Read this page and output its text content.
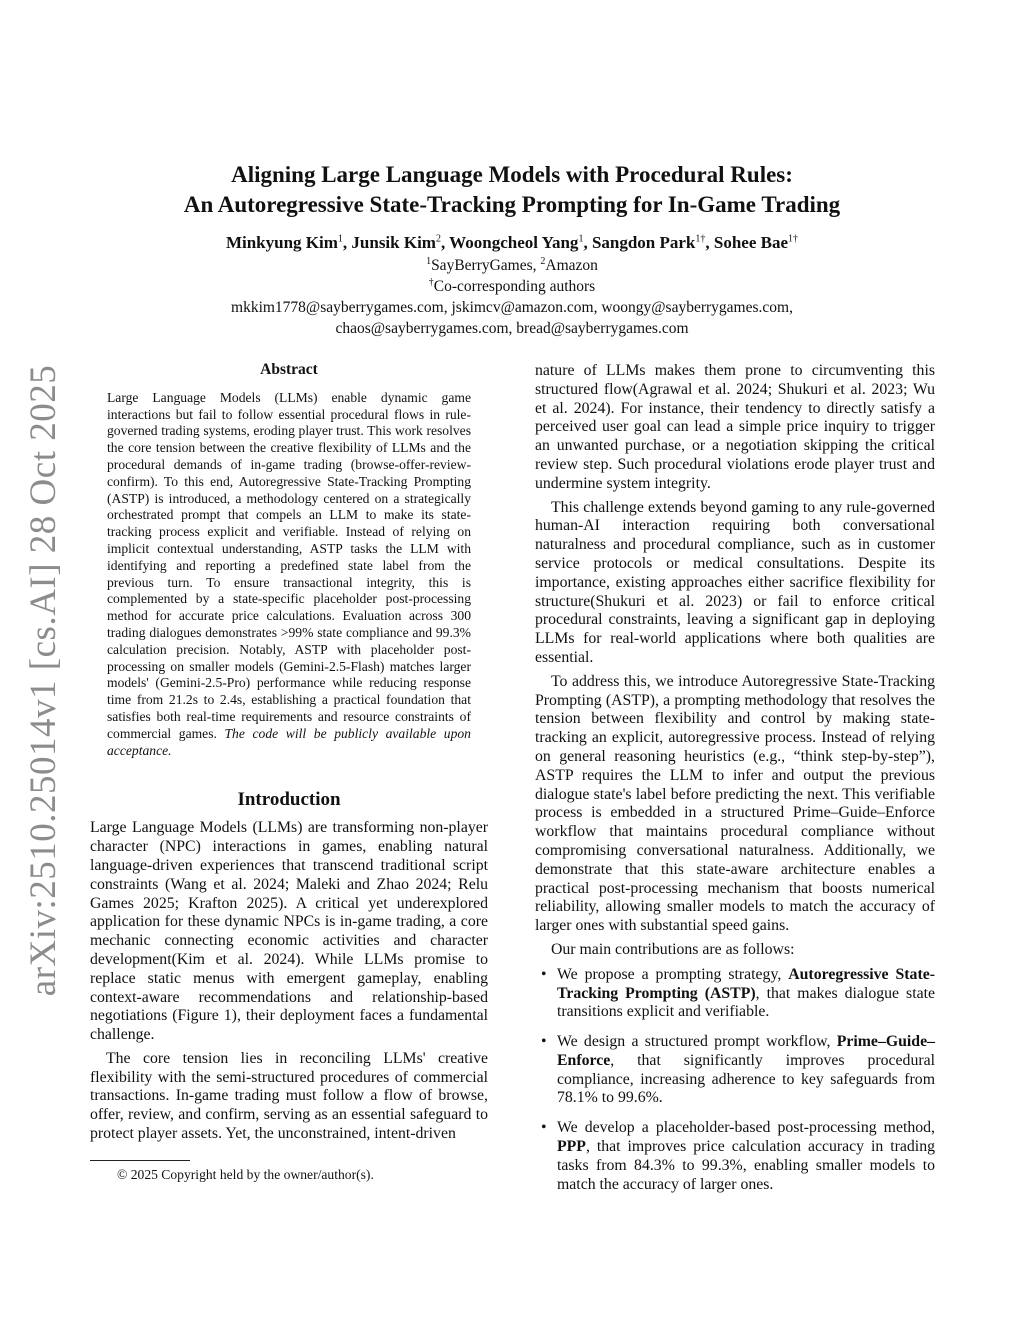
arXiv:2510.25014v1 [cs.AI] 28 Oct 2025
Aligning Large Language Models with Procedural Rules:
An Autoregressive State-Tracking Prompting for In-Game Trading
Minkyung Kim$^1$, Junsik Kim$^2$, Woongcheol Yang$^1$, Sangdon Park$^{1\dagger}$, Sohee Bae$^{1\dagger}$
$^1$SayBerryGames, $^2$Amazon
†Co-corresponding authors
mkkim1778@sayberrygames.com, jskimcv@amazon.com, woongy@sayberrygames.com,
chaos@sayberrygames.com, bread@sayberrygames.com
Abstract

Large Language Models (LLMs) enable dynamic game interactions but fail to follow essential procedural flows in rule-governed trading systems, eroding player trust. This work resolves the core tension between the creative flexibility of LLMs and the procedural demands of in-game trading (browse-offer-review-confirm). To this end, Autoregressive State-Tracking Prompting (ASTP) is introduced, a methodology centered on a strategically orchestrated prompt that compels an LLM to make its state-tracking process explicit and verifiable. Instead of relying on implicit contextual understanding, ASTP tasks the LLM with identifying and reporting a predefined state label from the previous turn. To ensure transactional integrity, this is complemented by a state-specific placeholder post-processing method for accurate price calculations. Evaluation across 300 trading dialogues demonstrates >99% state compliance and 99.3% calculation precision. Notably, ASTP with placeholder post-processing on smaller models (Gemini-2.5-Flash) matches larger models' (Gemini-2.5-Pro) performance while reducing response time from 21.2s to 2.4s, establishing a practical foundation that satisfies both real-time requirements and resource constraints of commercial games. The code will be publicly available upon acceptance.

Introduction

Large Language Models (LLMs) are transforming non-player character (NPC) interactions in games, enabling natural language-driven experiences that transcend traditional script constraints (Wang et al. 2024; Maleki and Zhao 2024; Relu Games 2025; Krafton 2025). A critical yet underexplored application for these dynamic NPCs is in-game trading, a core mechanic connecting economic activities and character development(Kim et al. 2024). While LLMs promise to replace static menus with emergent gameplay, enabling context-aware recommendations and relationship-based negotiations (Figure 1), their deployment faces a fundamental challenge.

The core tension lies in reconciling LLMs' creative flexibility with the semi-structured procedures of commercial transactions. In-game trading must follow a flow of browse, offer, review, and confirm, serving as an essential safeguard to protect player assets. Yet, the unconstrained, intent-driven

nature of LLMs makes them prone to circumventing this structured flow(Agrawal et al. 2024; Shukuri et al. 2023; Wu et al. 2024). For instance, their tendency to directly satisfy a perceived user goal can lead a simple price inquiry to trigger an unwanted purchase, or a negotiation skipping the critical review step. Such procedural violations erode player trust and undermine system integrity.

This challenge extends beyond gaming to any rule-governed human-AI interaction requiring both conversational naturalness and procedural compliance, such as in customer service protocols or medical consultations. Despite its importance, existing approaches either sacrifice flexibility for structure(Shukuri et al. 2023) or fail to enforce critical procedural constraints, leaving a significant gap in deploying LLMs for real-world applications where both qualities are essential.

To address this, we introduce Autoregressive State-Tracking Prompting (ASTP), a prompting methodology that resolves the tension between flexibility and control by making state-tracking an explicit, autoregressive process. Instead of relying on general reasoning heuristics (e.g., “think step-by-step”), ASTP requires the LLM to infer and output the previous dialogue state's label before predicting the next. This verifiable process is embedded in a structured Prime–Guide–Enforce workflow that maintains procedural compliance without compromising conversational naturalness. Additionally, we demonstrate that this state-aware architecture enables a practical post-processing mechanism that boosts numerical reliability, allowing smaller models to match the accuracy of larger ones with substantial speed gains.

Our main contributions are as follows:

• We propose a prompting strategy, Autoregressive State-Tracking Prompting (ASTP), that makes dialogue state transitions explicit and verifiable.
• We design a structured prompt workflow, Prime–Guide–Enforce, that significantly improves procedural compliance, increasing adherence to key safeguards from 78.1% to 99.6%.
• We develop a placeholder-based post-processing method, PPP, that improves price calculation accuracy in trading tasks from 84.3% to 99.3%, enabling smaller models to match the accuracy of larger ones.
© 2025 Copyright held by the owner/author(s).
